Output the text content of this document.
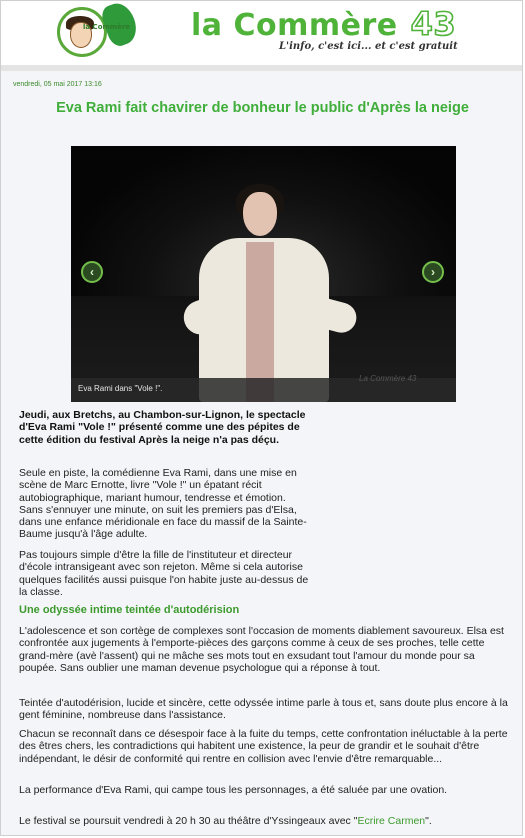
la Commère la Commère 43
L'info, c'est ici... et c'est gratuit
vendredi, 05 mai 2017 13:16
Eva Rami fait chavirer de bonheur le public d'Après la neige
‹	›
Eva Rami dans "Vole !".
La Commère 43
Jeudi, aux Bretchs, au Chambon-sur-Lignon, le spectacle d'Eva Rami "Vole !" présenté comme une des pépites de cette édition du festival Après la neige n'a pas déçu.
Seule en piste, la comédienne Eva Rami, dans une mise en scène de Marc Ernotte, livre "Vole !" un épatant récit autobiographique, mariant humour, tendresse et émotion. Sans s'ennuyer une minute, on suit les premiers pas d'Elsa, dans une enfance méridionale en face du massif de la Sainte-Baume jusqu'à l'âge adulte.
Pas toujours simple d'être la fille de l'instituteur et directeur d'école intransigeant avec son rejeton. Même si cela autorise quelques facilités aussi puisque l'on habite juste au-dessus de la classe.
Une odyssée intime teintée d'autodérision
L'adolescence et son cortège de complexes sont l'occasion de moments diablement savoureux. Elsa est confrontée aux jugements à l'emporte-pièces des garçons comme à ceux de ses proches, telle cette grand-mère (avè l'assent) qui ne mâche ses mots tout en exsudant tout l'amour du monde pour sa poupée. Sans oublier une maman devenue psychologue qui a réponse à tout.
Teintée d'autodérision, lucide et sincère, cette odyssée intime parle à tous et, sans doute plus encore à la gent féminine, nombreuse dans l'assistance.
Chacun se reconnaît dans ce désespoir face à la fuite du temps, cette confrontation inéluctable à la perte des êtres chers, les contradictions qui habitent une existence, la peur de grandir et le souhait d'être indépendant, le désir de conformité qui rentre en collision avec l'envie d'être remarquable...
La performance d'Eva Rami, qui campe tous les personnages, a été saluée par une ovation.
Le festival se poursuit vendredi à 20 h 30 au théâtre d'Yssingeaux avec "Ecrire Carmen".
